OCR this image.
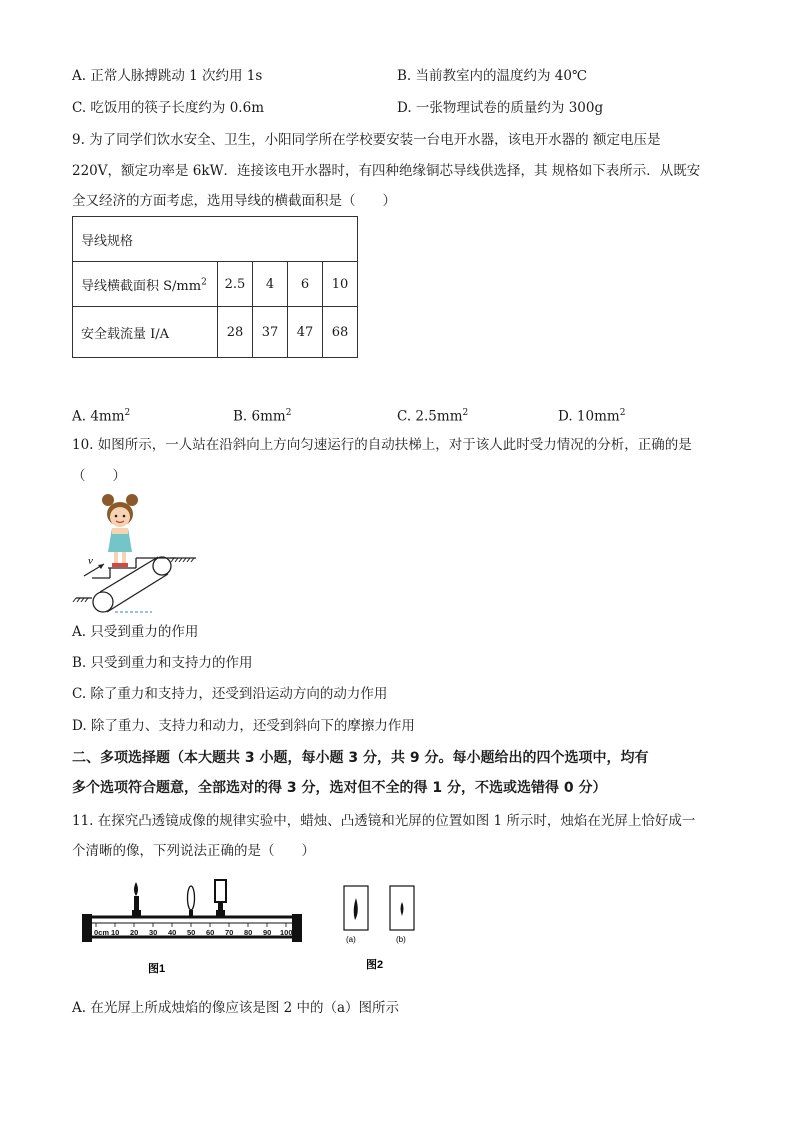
A. 正常人脉搏跳动 1 次约用 1s	B. 当前教室内的温度约为 40℃
C. 吃饭用的筷子长度约为 0.6m	D. 一张物理试卷的质量约为 300g
9. 为了同学们饮水安全、卫生，小阳同学所在学校要安装一台电开水器，该电开水器的 额定电压是
220V，额定功率是 6kW．连接该电开水器时，有四种绝缘铜芯导线供选择，其 规格如下表所示．从既安
全又经济的方面考虑，选用导线的横截面积是（　　）
导线规格				
导线横截面积 $S/mm^2$	2.5	4	6	10
安全载流量 I/A	28	37	47	68
A. $4mm^2$	B. $6mm^2$	C. $2.5mm^2$	D. $10mm^2$
10. 如图所示，一人站在沿斜向上方向匀速运行的自动扶梯上，对于该人此时受力情况的分析，正确的是
（　　）
v
A. 只受到重力的作用
B. 只受到重力和支持力的作用
C. 除了重力和支持力，还受到沿运动方向的动力作用
D. 除了重力、支持力和动力，还受到斜向下的摩擦力作用
二、多项选择题（本大题共 3 小题，每小题 3 分，共 9 分。每小题给出的四个选项中，均有
多个选项符合题意，全部选对的得 3 分，选对但不全的得 1 分，不选或选错得 0 分）
11. 在探究凸透镜成像的规律实验中，蜡烛、凸透镜和光屏的位置如图 1 所示时，烛焰在光屏上恰好成一
个清晰的像，下列说法正确的是（　　）
0cm 10 20 30 40 50 60 70 80 90 100
图1
(a)	(b)
图2
A. 在光屏上所成烛焰的像应该是图 2 中的（a）图所示
